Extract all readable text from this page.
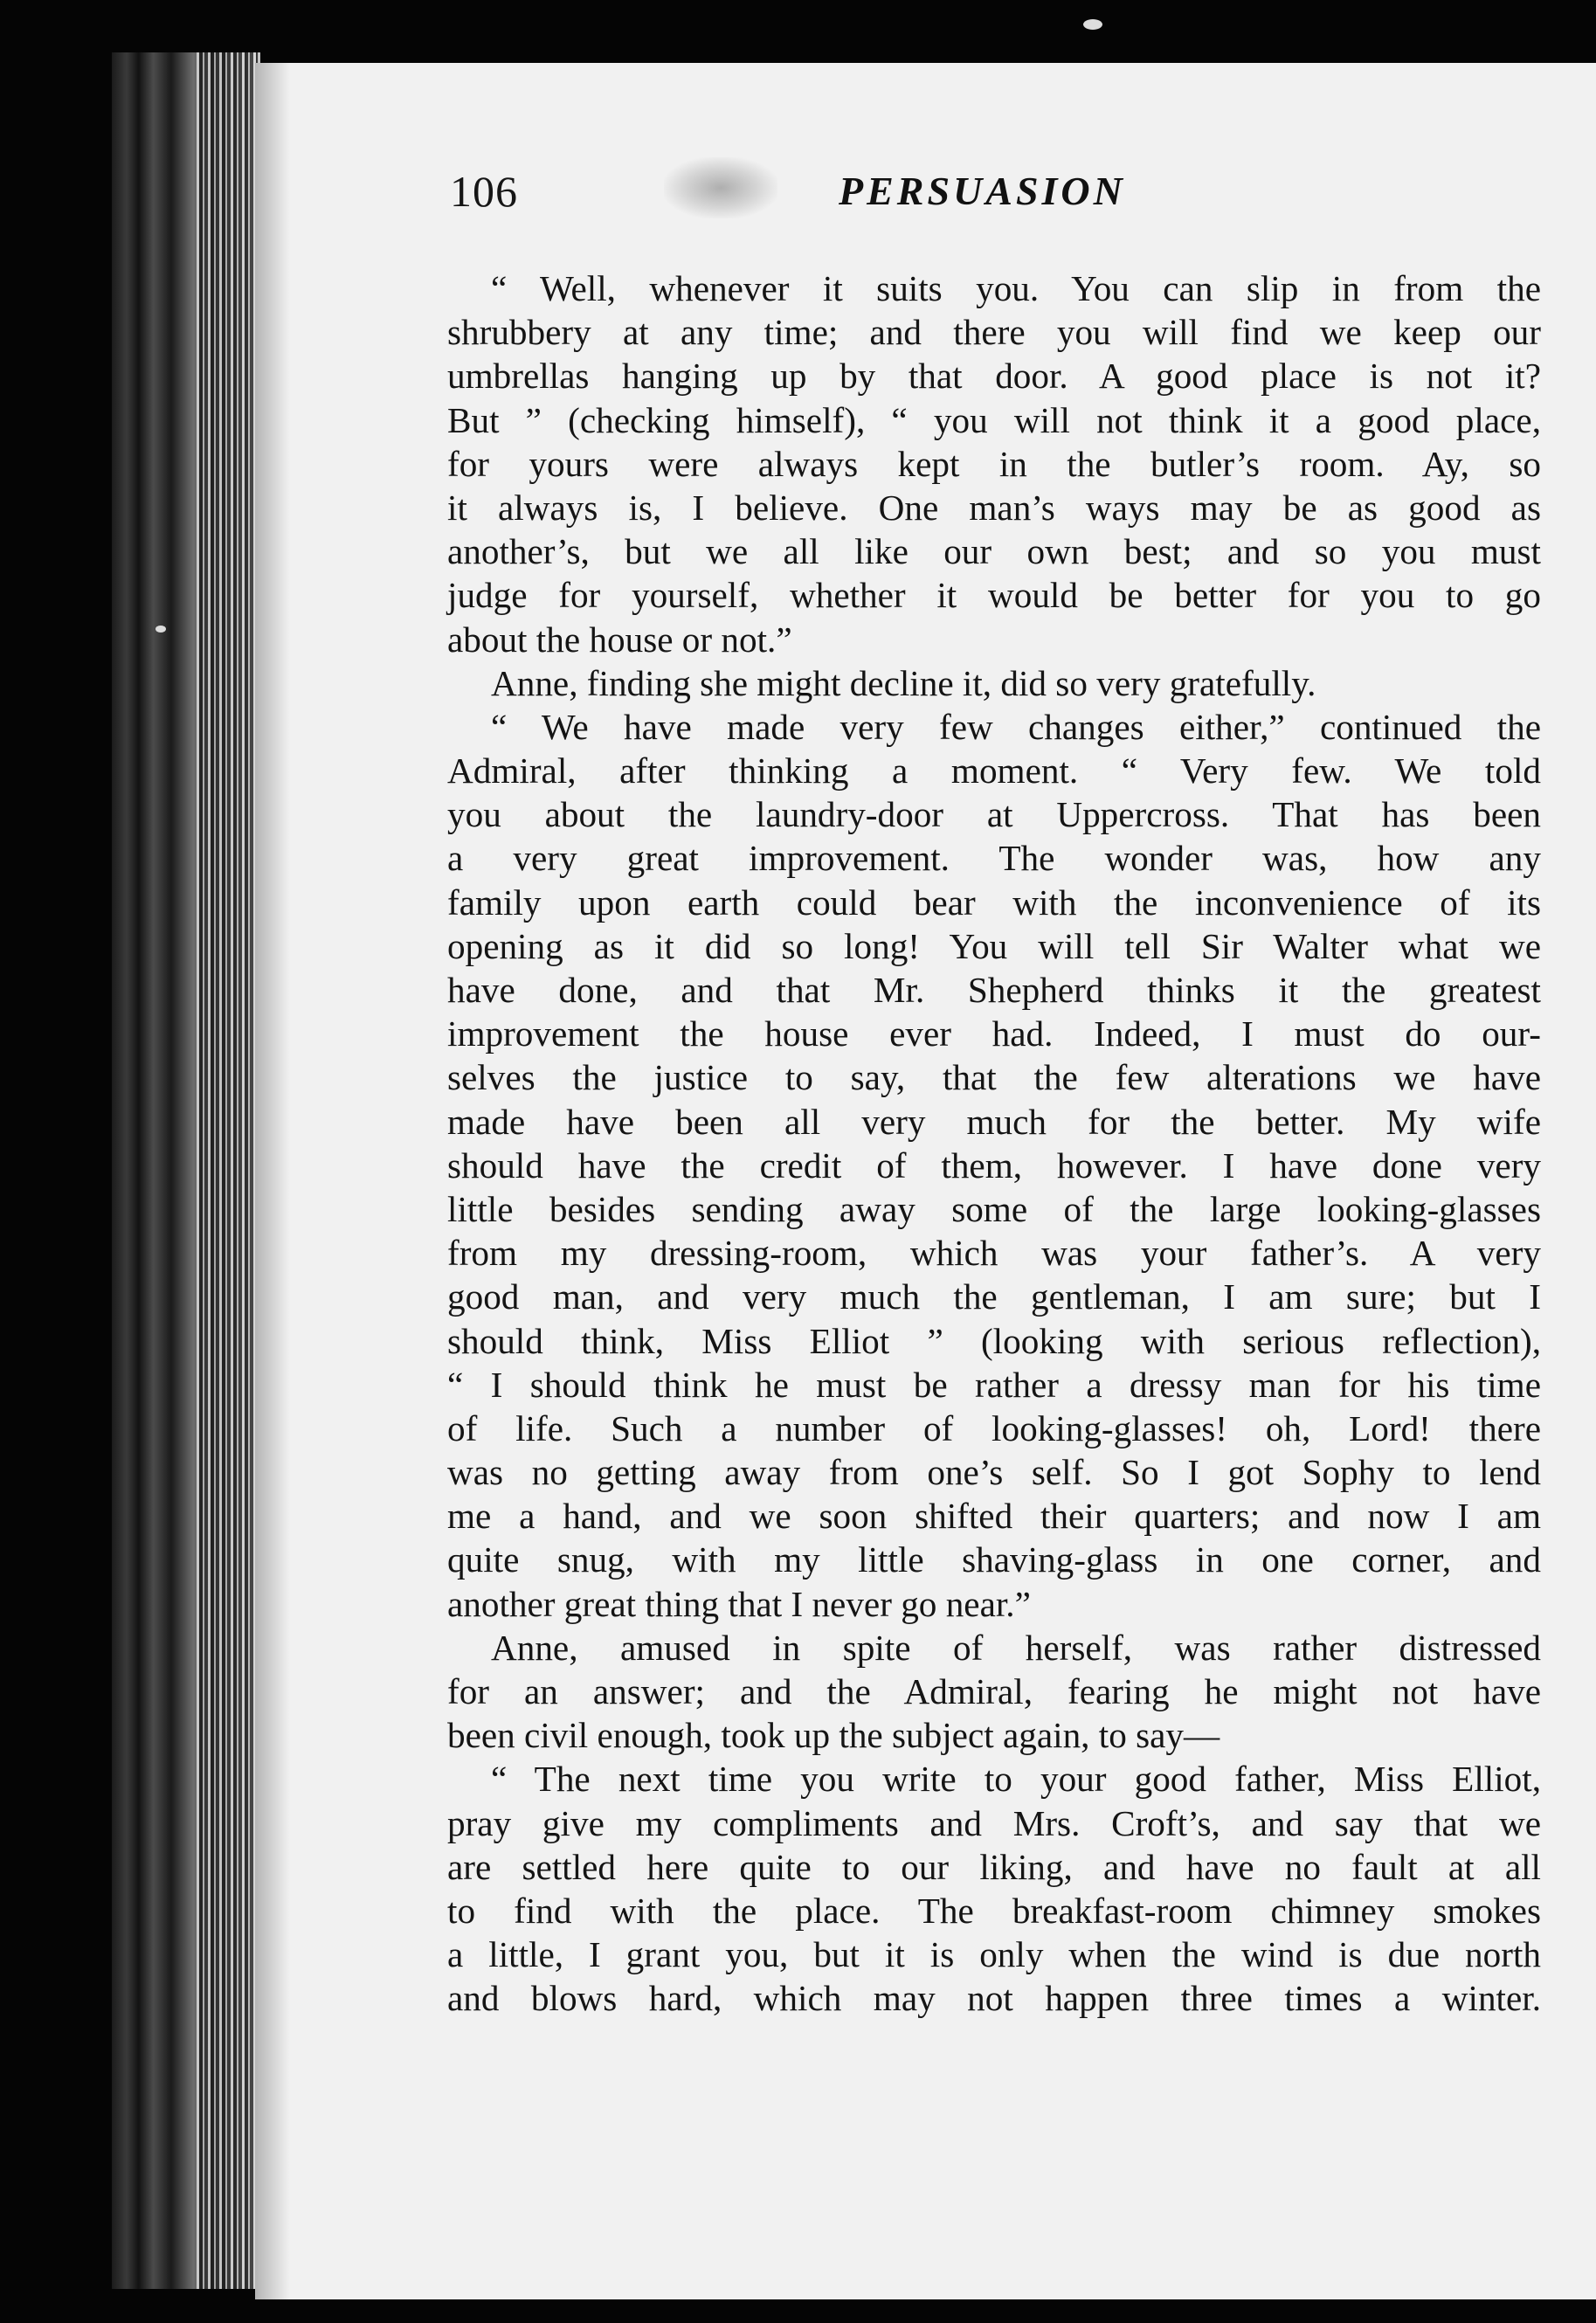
106	PERSUASION
“ Well, whenever it suits you. You can slip in from the
shrubbery at any time; and there you will find we keep our
umbrellas hanging up by that door. A good place is not it?
But ” (checking himself), “ you will not think it a good place,
for yours were always kept in the butler’s room. Ay, so
it always is, I believe. One man’s ways may be as good as
another’s, but we all like our own best; and so you must
judge for yourself, whether it would be better for you to go
about the house or not.”
Anne, finding she might decline it, did so very gratefully.
“ We have made very few changes either,” continued the
Admiral, after thinking a moment. “ Very few. We told
you about the laundry-door at Uppercross. That has been
a very great improvement. The wonder was, how any
family upon earth could bear with the inconvenience of its
opening as it did so long! You will tell Sir Walter what we
have done, and that Mr. Shepherd thinks it the greatest
improvement the house ever had. Indeed, I must do our-
selves the justice to say, that the few alterations we have
made have been all very much for the better. My wife
should have the credit of them, however. I have done very
little besides sending away some of the large looking-glasses
from my dressing-room, which was your father’s. A very
good man, and very much the gentleman, I am sure; but I
should think, Miss Elliot ” (looking with serious reflection),
“ I should think he must be rather a dressy man for his time
of life. Such a number of looking-glasses! oh, Lord! there
was no getting away from one’s self. So I got Sophy to lend
me a hand, and we soon shifted their quarters; and now I am
quite snug, with my little shaving-glass in one corner, and
another great thing that I never go near.”
Anne, amused in spite of herself, was rather distressed
for an answer; and the Admiral, fearing he might not have
been civil enough, took up the subject again, to say—
“ The next time you write to your good father, Miss Elliot,
pray give my compliments and Mrs. Croft’s, and say that we
are settled here quite to our liking, and have no fault at all
to find with the place. The breakfast-room chimney smokes
a little, I grant you, but it is only when the wind is due north
and blows hard, which may not happen three times a winter.
